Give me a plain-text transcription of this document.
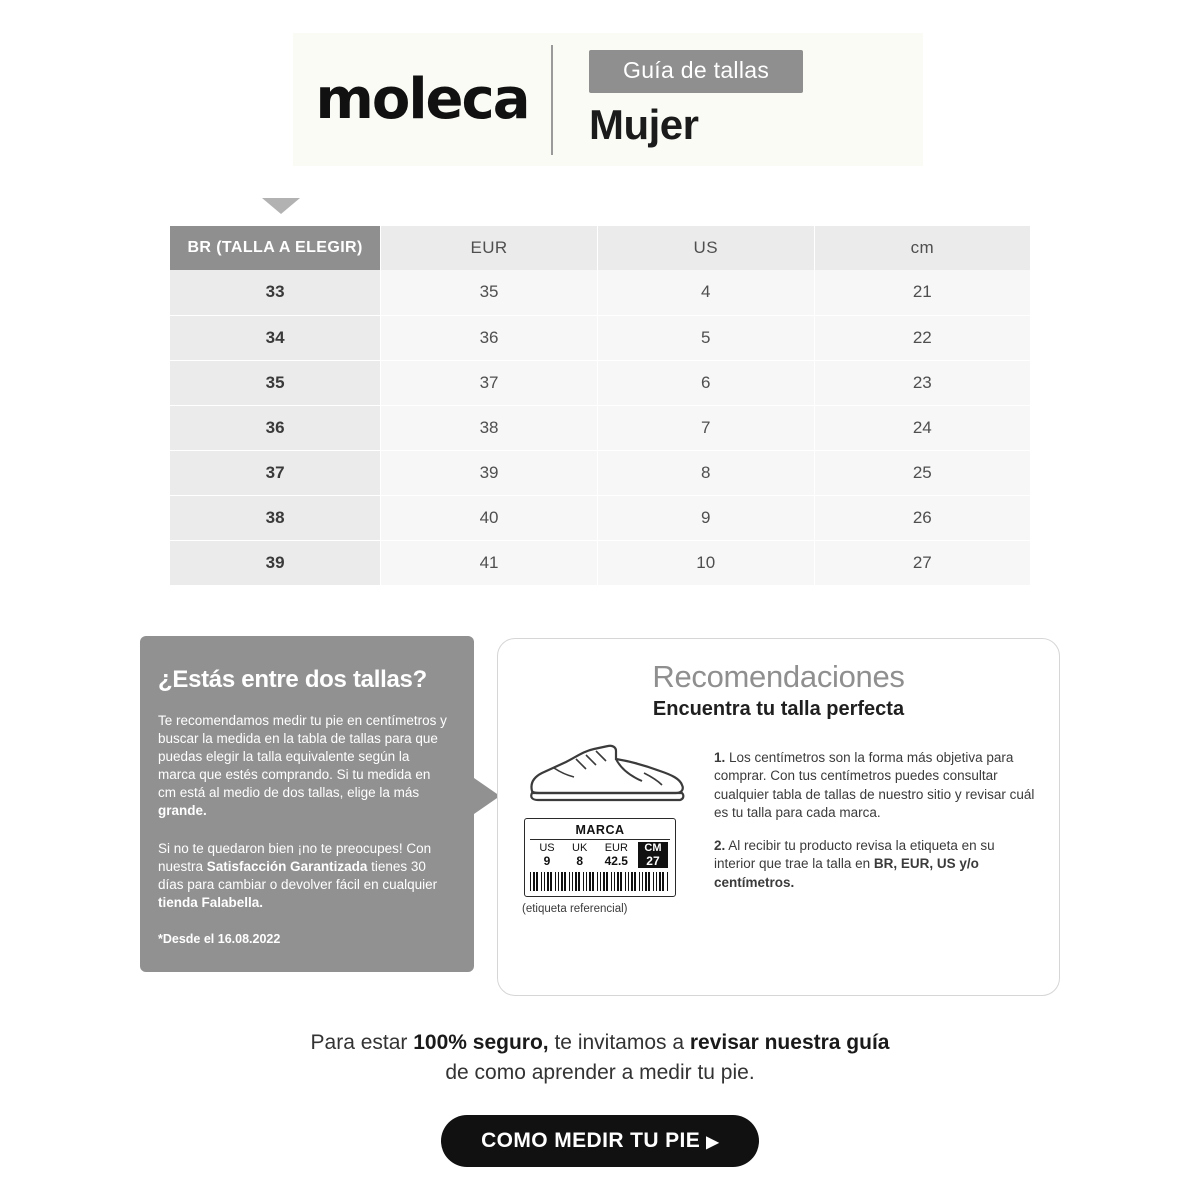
moleca	Guía de tallas
Mujer
BR (TALLA A ELEGIR)	EUR	US	cm
33	35	4	21
34	36	5	22
35	37	6	23
36	38	7	24
37	39	8	25
38	40	9	26
39	41	10	27
¿Estás entre dos tallas?

Te recomendamos medir tu pie en centímetros y buscar la medida en la tabla de tallas para que puedas elegir la talla equivalente según la marca que estés comprando. Si tu medida en cm está al medio de dos tallas, elige la más grande.

Si no te quedaron bien ¡no te preocupes! Con nuestra Satisfacción Garantizada tienes 30 días para cambiar o devolver fácil en cualquier tienda Falabella.

*Desde el 16.08.2022
Recomendaciones
Encuentra tu talla perfecta
MARCA
US	UK	EUR	CM
9	8	42.5	27
(etiqueta referencial)

1. Los centímetros son la forma más objetiva para comprar. Con tus centímetros puedes consultar cualquier tabla de tallas de nuestro sitio y revisar cuál es tu talla para cada marca.

2. Al recibir tu producto revisa la etiqueta en su interior que trae la talla en BR, EUR, US y/o centímetros.

Para estar 100% seguro, te invitamos a revisar nuestra guía
de como aprender a medir tu pie.
COMO MEDIR TU PIE ▶
